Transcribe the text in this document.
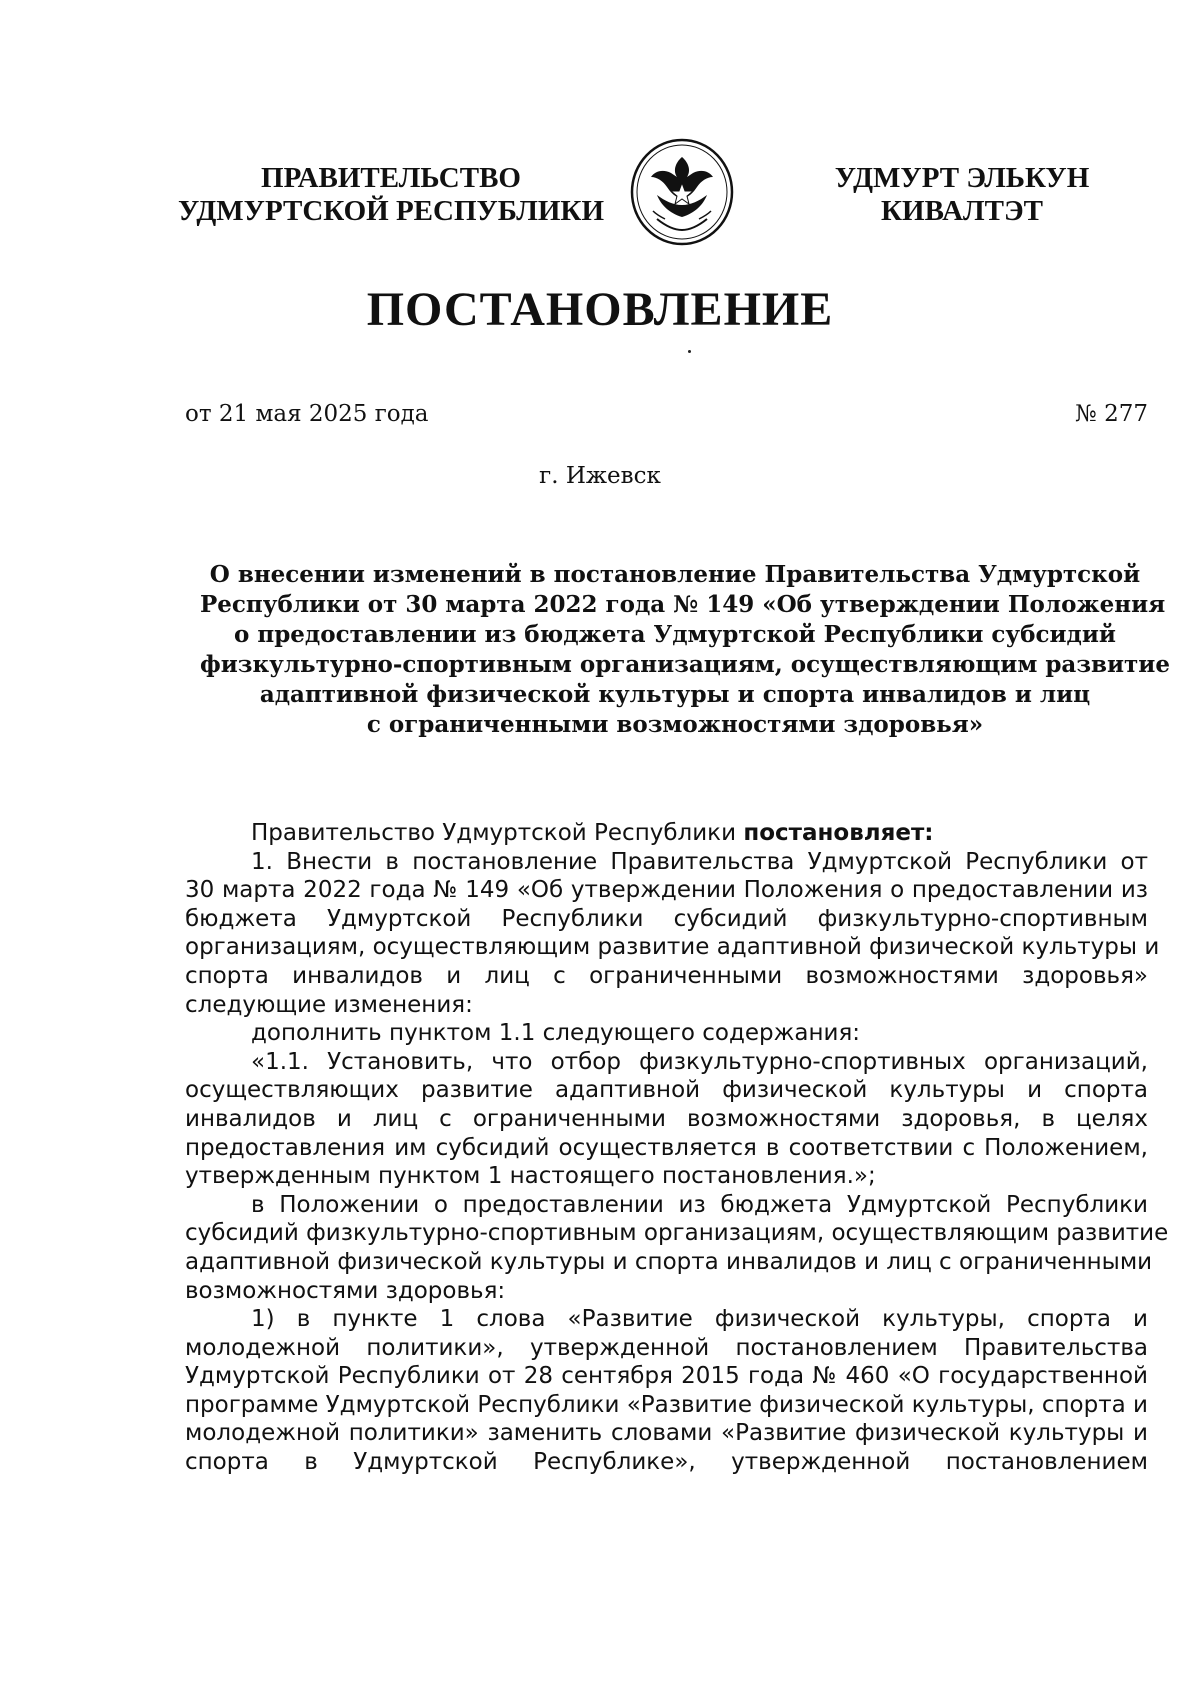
ПРАВИТЕЛЬСТВО
УДМУРТСКОЙ РЕСПУБЛИКИ
УДМУРТ ЭЛЬКУН
КИВАЛТЭТ
ПОСТАНОВЛЕНИЕ
от 21 мая 2025 года	№ 277
г. Ижевск
О внесении изменений в постановление Правительства Удмуртской
Республики от 30 марта 2022 года № 149 «Об утверждении Положения
о предоставлении из бюджета Удмуртской Республики субсидий
физкультурно-спортивным организациям, осуществляющим развитие
адаптивной физической культуры и спорта инвалидов и лиц
с ограниченными возможностями здоровья»
Правительство Удмуртской Республики постановляет:
1. Внести в постановление Правительства Удмуртской Республики от
30 марта 2022 года № 149 «Об утверждении Положения о предоставлении из
бюджета Удмуртской Республики субсидий физкультурно-спортивным
организациям, осуществляющим развитие адаптивной физической культуры и
спорта инвалидов и лиц с ограниченными возможностями здоровья»
следующие изменения:
дополнить пунктом 1.1 следующего содержания:
«1.1. Установить, что отбор физкультурно-спортивных организаций,
осуществляющих развитие адаптивной физической культуры и спорта
инвалидов и лиц с ограниченными возможностями здоровья, в целях
предоставления им субсидий осуществляется в соответствии с Положением,
утвержденным пунктом 1 настоящего постановления.»;
в Положении о предоставлении из бюджета Удмуртской Республики
субсидий физкультурно-спортивным организациям, осуществляющим развитие
адаптивной физической культуры и спорта инвалидов и лиц с ограниченными
возможностями здоровья:
1) в пункте 1 слова «Развитие физической культуры, спорта и
молодежной политики», утвержденной постановлением Правительства
Удмуртской Республики от 28 сентября 2015 года № 460 «О государственной
программе Удмуртской Республики «Развитие физической культуры, спорта и
молодежной политики» заменить словами «Развитие физической культуры и
спорта в Удмуртской Республике», утвержденной постановлением
